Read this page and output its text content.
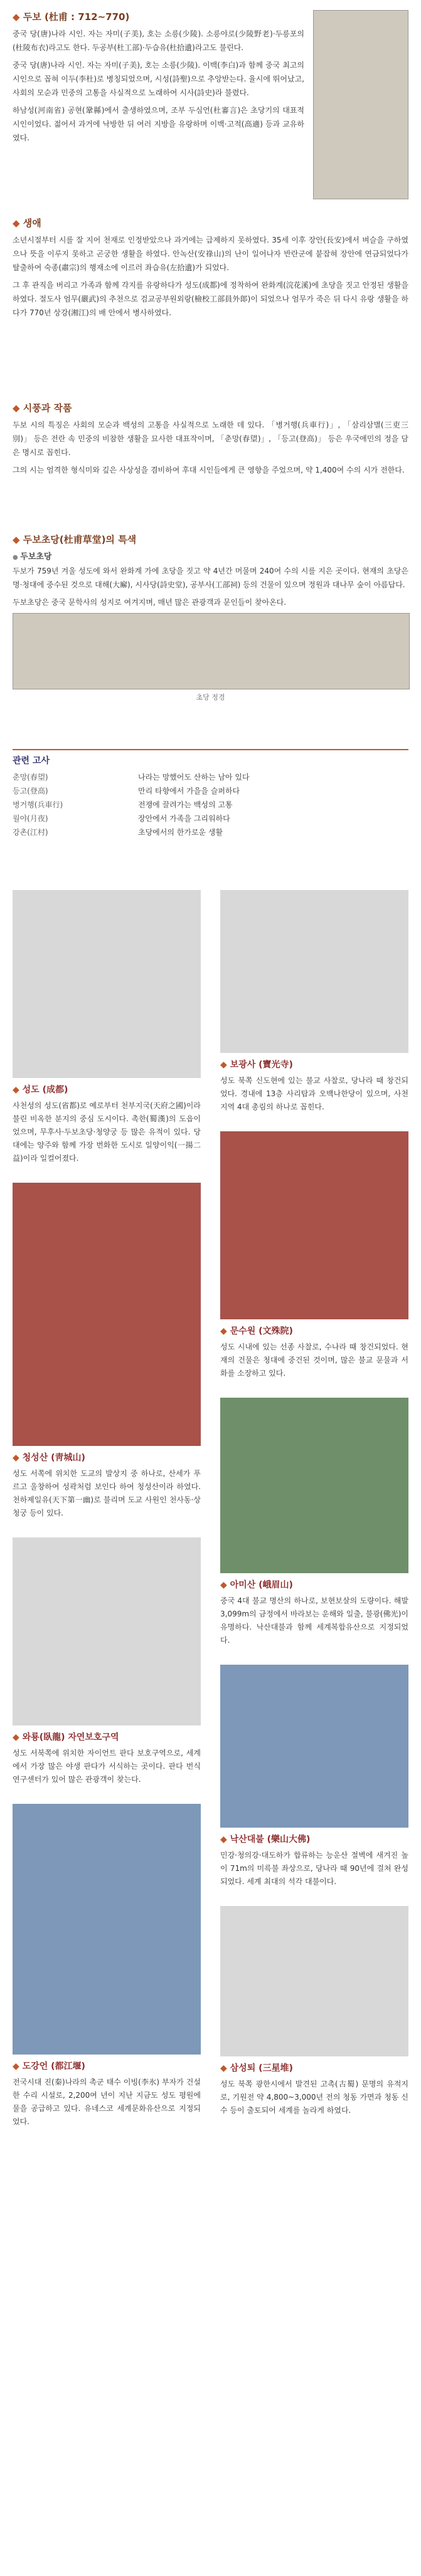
◆ 두보 (杜甫 : 712~770)

중국 당(唐)나라 시인. 자는 자미(子美), 호는 소릉(少陵). 소릉야로(少陵野老)·두릉포의(杜陵布衣)라고도 한다. 두공부(杜工部)·두습유(杜拾遺)라고도 불린다.

중국 당(唐)나라 시인. 자는 자미(子美), 호는 소릉(少陵). 이백(李白)과 함께 중국 최고의 시인으로 꼽혀 이두(李杜)로 병칭되었으며, 시성(詩聖)으로 추앙받는다. 율시에 뛰어났고, 사회의 모순과 민중의 고통을 사실적으로 노래하여 시사(詩史)라 불렸다.

하남성(河南省) 공현(鞏縣)에서 출생하였으며, 조부 두심언(杜審言)은 초당기의 대표적 시인이었다. 젊어서 과거에 낙방한 뒤 여러 지방을 유랑하며 이백·고적(高適) 등과 교유하였다.

◆ 생애

소년시절부터 시를 잘 지어 천재로 인정받았으나 과거에는 급제하지 못하였다. 35세 이후 장안(長安)에서 벼슬을 구하였으나 뜻을 이루지 못하고 곤궁한 생활을 하였다. 안녹산(安祿山)의 난이 일어나자 반란군에 붙잡혀 장안에 연금되었다가 탈출하여 숙종(肅宗)의 행재소에 이르러 좌습유(左拾遺)가 되었다.

그 후 관직을 버리고 가족과 함께 각지를 유랑하다가 성도(成都)에 정착하여 완화계(浣花溪)에 초당을 짓고 안정된 생활을 하였다. 절도사 엄무(嚴武)의 추천으로 검교공부원외랑(檢校工部員外郞)이 되었으나 엄무가 죽은 뒤 다시 유랑 생활을 하다가 770년 상강(湘江)의 배 안에서 병사하였다.

◆ 시풍과 작품

두보 시의 특징은 사회의 모순과 백성의 고통을 사실적으로 노래한 데 있다. 「병거행(兵車行)」, 「삼리삼별(三吏三別)」 등은 전란 속 민중의 비참한 생활을 묘사한 대표작이며, 「춘망(春望)」, 「등고(登高)」 등은 우국애민의 정을 담은 명시로 꼽힌다.

그의 시는 엄격한 형식미와 깊은 사상성을 겸비하여 후대 시인들에게 큰 영향을 주었으며, 약 1,400여 수의 시가 전한다.

◆ 두보초당(杜甫草堂)의 특색

● 두보초당

두보가 759년 겨울 성도에 와서 완화계 가에 초당을 짓고 약 4년간 머물며 240여 수의 시를 지은 곳이다. 현재의 초당은 명·청대에 중수된 것으로 대해(大廨), 시사당(詩史堂), 공부사(工部祠) 등의 건물이 있으며 정원과 대나무 숲이 아름답다.

두보초당은 중국 문학사의 성지로 여겨지며, 매년 많은 관광객과 문인들이 찾아온다.

초당 정경
관련 고사
춘망(春望)	나라는 망했어도 산하는 남아 있다
등고(登高)	만리 타향에서 가을을 슬퍼하다
병거행(兵車行)	전쟁에 끌려가는 백성의 고통
월야(月夜)	장안에서 가족을 그리워하다
강촌(江村)	초당에서의 한가로운 생활

◆ 성도 (成都)

사천성의 성도(省都)로 예로부터 천부지국(天府之國)이라 불린 비옥한 분지의 중심 도시이다. 촉한(蜀漢)의 도읍이었으며, 무후사·두보초당·청양궁 등 많은 유적이 있다. 당대에는 양주와 함께 가장 번화한 도시로 일양이익(一揚二益)이라 일컬어졌다.

◆ 청성산 (靑城山)

성도 서쪽에 위치한 도교의 발상지 중 하나로, 산세가 푸르고 울창하여 성곽처럼 보인다 하여 청성산이라 하였다. 천하제일유(天下第一幽)로 불리며 도교 사원인 천사동·상청궁 등이 있다.

◆ 와룡(臥龍) 자연보호구역

성도 서북쪽에 위치한 자이언트 판다 보호구역으로, 세계에서 가장 많은 야생 판다가 서식하는 곳이다. 판다 번식 연구센터가 있어 많은 관광객이 찾는다.

◆ 도강언 (都江堰)

전국시대 진(秦)나라의 촉군 태수 이빙(李氷) 부자가 건설한 수리 시설로, 2,200여 년이 지난 지금도 성도 평원에 물을 공급하고 있다. 유네스코 세계문화유산으로 지정되었다.

◆ 보광사 (寶光寺)

성도 북쪽 신도현에 있는 불교 사찰로, 당나라 때 창건되었다. 경내에 13층 사리탑과 오백나한당이 있으며, 사천 지역 4대 총림의 하나로 꼽힌다.

◆ 문수원 (文殊院)

성도 시내에 있는 선종 사찰로, 수나라 때 창건되었다. 현재의 건물은 청대에 중건된 것이며, 많은 불교 문물과 서화를 소장하고 있다.

◆ 아미산 (峨眉山)

중국 4대 불교 명산의 하나로, 보현보살의 도량이다. 해발 3,099m의 금정에서 바라보는 운해와 일출, 불광(佛光)이 유명하다. 낙산대불과 함께 세계복합유산으로 지정되었다.

◆ 낙산대불 (樂山大佛)

민강·청의강·대도하가 합류하는 능운산 절벽에 새겨진 높이 71m의 미륵불 좌상으로, 당나라 때 90년에 걸쳐 완성되었다. 세계 최대의 석각 대불이다.

◆ 삼성퇴 (三星堆)

성도 북쪽 광한시에서 발견된 고촉(古蜀) 문명의 유적지로, 기원전 약 4,800~3,000년 전의 청동 가면과 청동 신수 등이 출토되어 세계를 놀라게 하였다.
